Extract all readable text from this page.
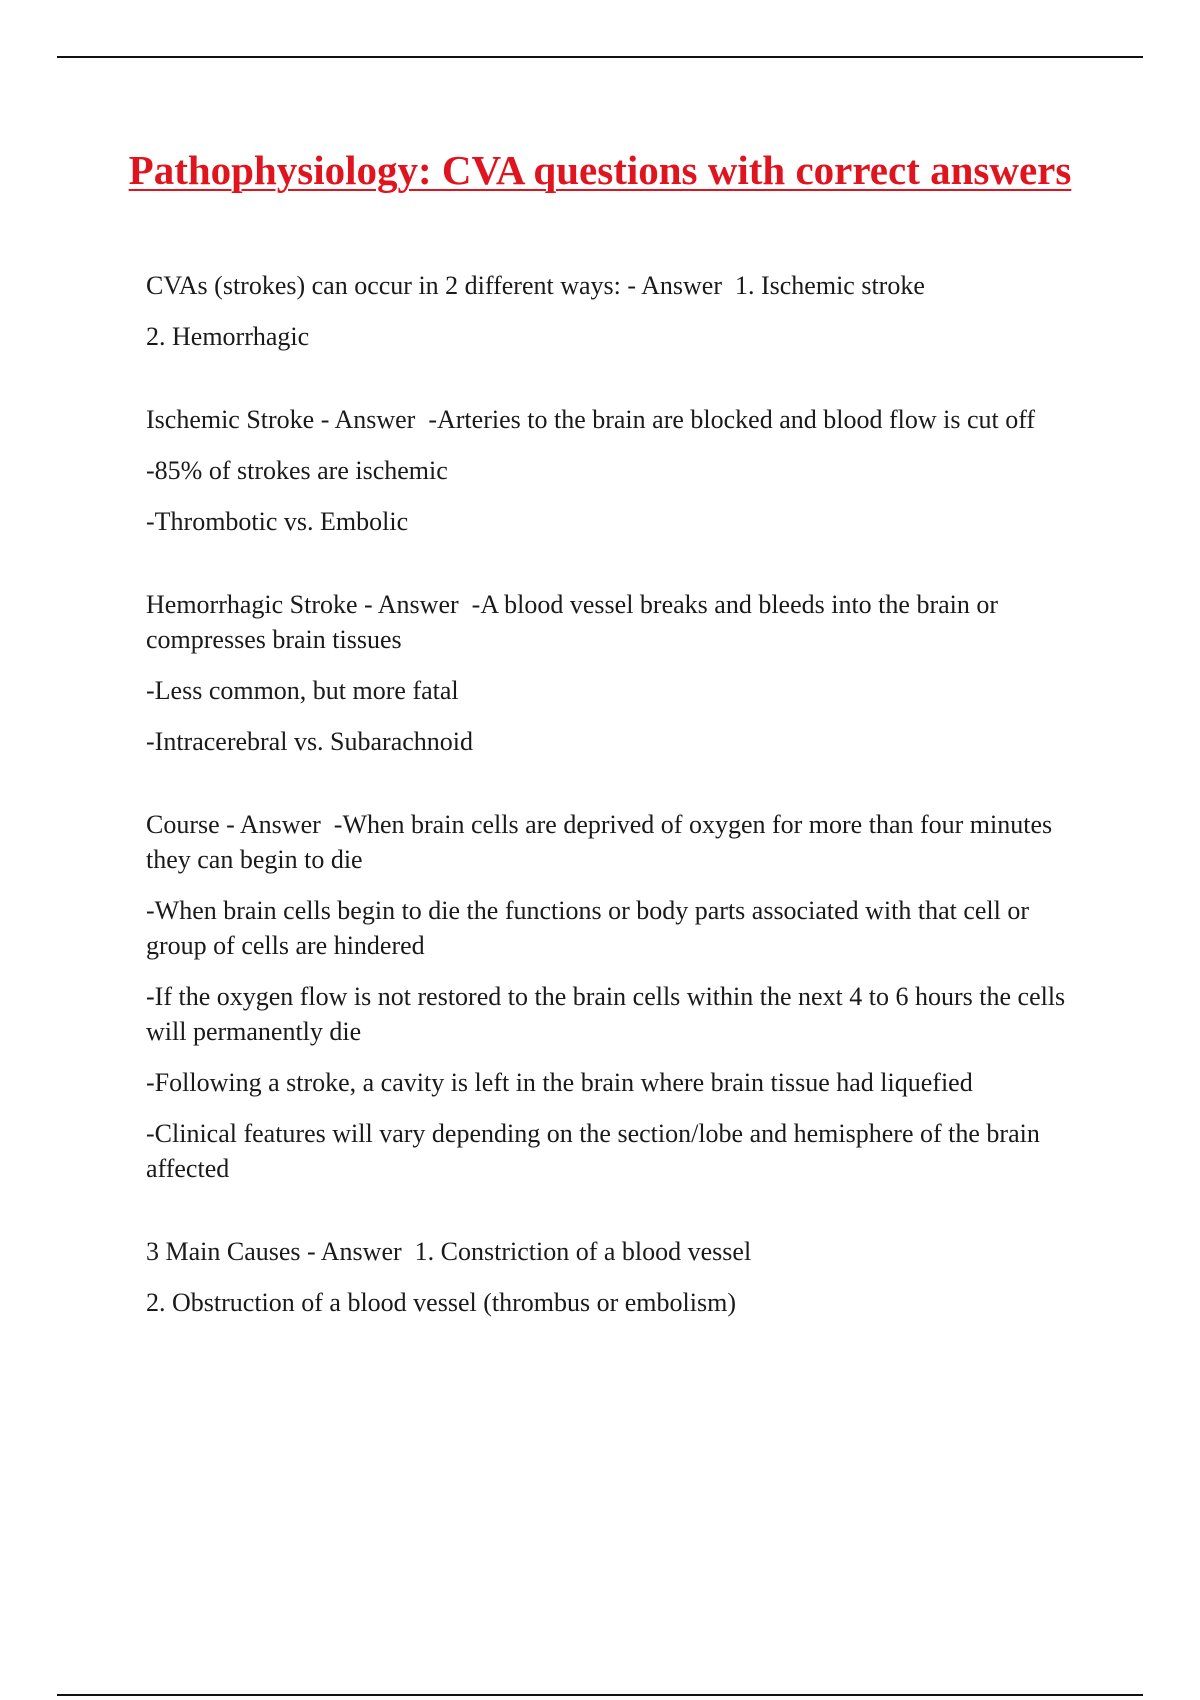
Pathophysiology: CVA questions with correct answers

CVAs (strokes) can occur in 2 different ways: - Answer 1. Ischemic stroke

2. Hemorrhagic

Ischemic Stroke - Answer -Arteries to the brain are blocked and blood flow is cut off

-85% of strokes are ischemic

-Thrombotic vs. Embolic

Hemorrhagic Stroke - Answer -A blood vessel breaks and bleeds into the brain or compresses brain tissues

-Less common, but more fatal

-Intracerebral vs. Subarachnoid

Course - Answer -When brain cells are deprived of oxygen for more than four minutes they can begin to die

-When brain cells begin to die the functions or body parts associated with that cell or group of cells are hindered

-If the oxygen flow is not restored to the brain cells within the next 4 to 6 hours the cells will permanently die

-Following a stroke, a cavity is left in the brain where brain tissue had liquefied

-Clinical features will vary depending on the section/lobe and hemisphere of the brain affected

3 Main Causes - Answer 1. Constriction of a blood vessel

2. Obstruction of a blood vessel (thrombus or embolism)
